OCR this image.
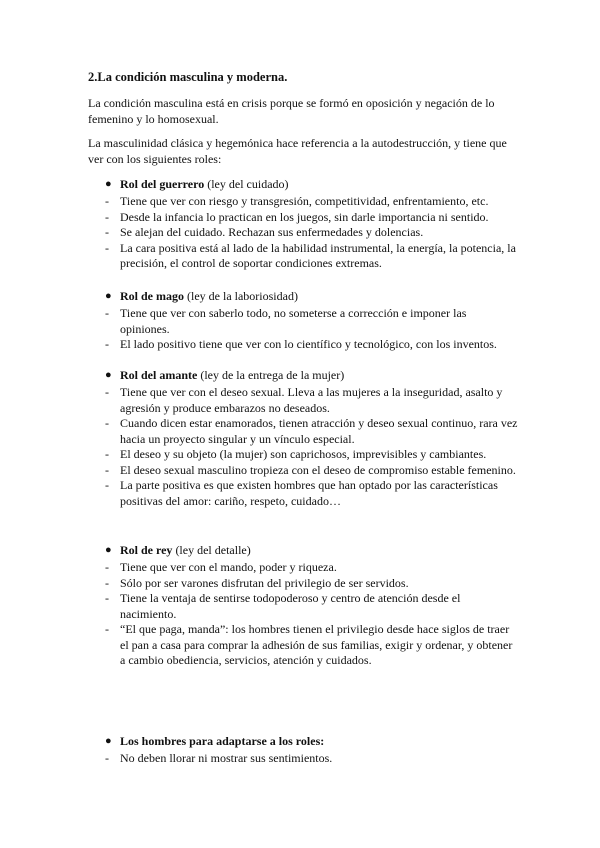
2.La condición masculina y moderna.
La condición masculina está en crisis porque se formó en oposición y negación de lo femenino y lo homosexual.
La masculinidad clásica y hegemónica hace referencia a la autodestrucción, y tiene que ver con los siguientes roles:
● Rol del guerrero (ley del cuidado)
- Tiene que ver con riesgo y transgresión, competitividad, enfrentamiento, etc.
- Desde la infancia lo practican en los juegos, sin darle importancia ni sentido.
- Se alejan del cuidado. Rechazan sus enfermedades y dolencias.
- La cara positiva está al lado de la habilidad instrumental, la energía, la potencia, la precisión, el control de soportar condiciones extremas.
● Rol de mago (ley de la laboriosidad)
- Tiene que ver con saberlo todo, no someterse a corrección e imponer las opiniones.
- El lado positivo tiene que ver con lo científico y tecnológico, con los inventos.
● Rol del amante (ley de la entrega de la mujer)
- Tiene que ver con el deseo sexual. Lleva a las mujeres a la inseguridad, asalto y agresión y produce embarazos no deseados.
- Cuando dicen estar enamorados, tienen atracción y deseo sexual continuo, rara vez hacia un proyecto singular y un vínculo especial.
- El deseo y su objeto (la mujer) son caprichosos, imprevisibles y cambiantes.
- El deseo sexual masculino tropieza con el deseo de compromiso estable femenino.
- La parte positiva es que existen hombres que han optado por las características positivas del amor: cariño, respeto, cuidado…
● Rol de rey (ley del detalle)
- Tiene que ver con el mando, poder y riqueza.
- Sólo por ser varones disfrutan del privilegio de ser servidos.
- Tiene la ventaja de sentirse todopoderoso y centro de atención desde el nacimiento.
- “El que paga, manda”: los hombres tienen el privilegio desde hace siglos de traer el pan a casa para comprar la adhesión de sus familias, exigir y ordenar, y obtener a cambio obediencia, servicios, atención y cuidados.
● Los hombres para adaptarse a los roles:
- No deben llorar ni mostrar sus sentimientos.
